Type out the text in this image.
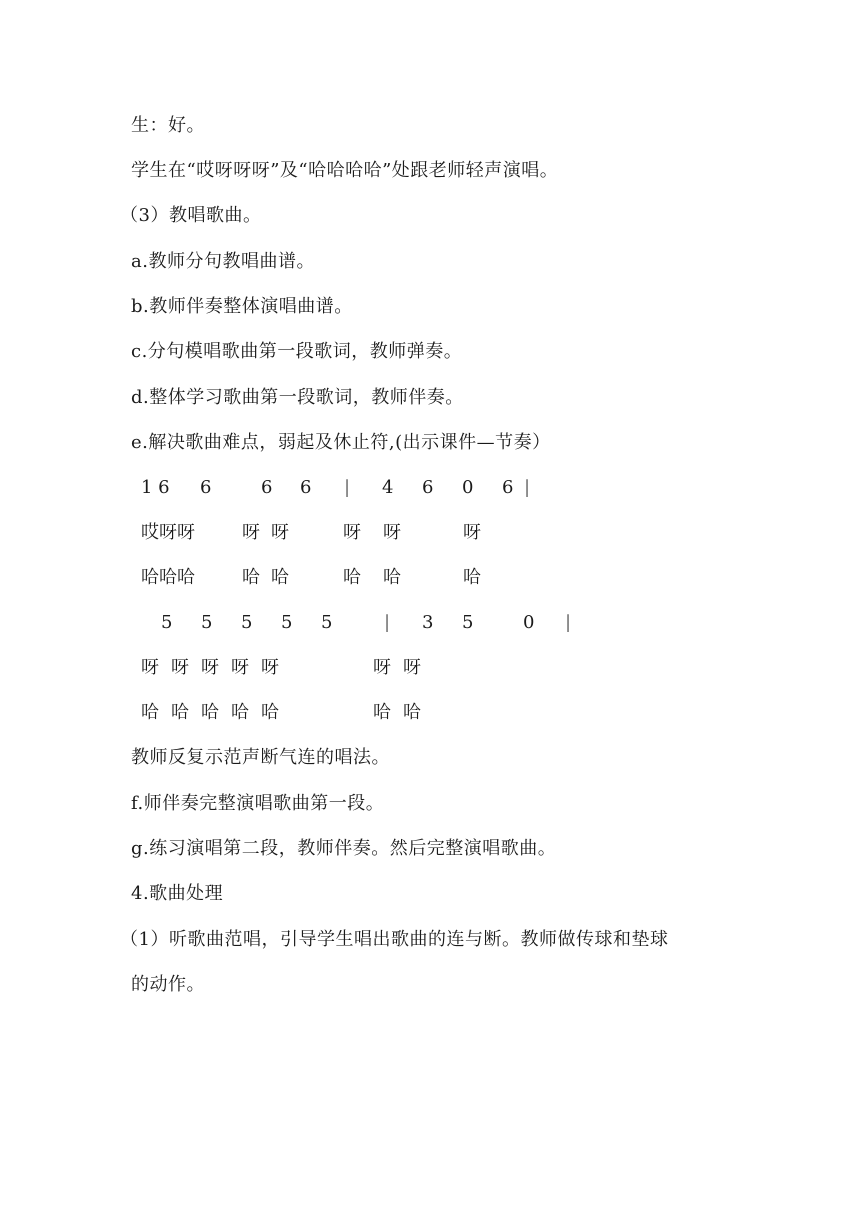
生：好。
学生在“哎呀呀呀”及“哈哈哈哈”处跟老师轻声演唱。
（3）教唱歌曲。
a.教师分句教唱曲谱。
b.教师伴奏整体演唱曲谱。
c.分句模唱歌曲第一段歌词，教师弹奏。
d.整体学习歌曲第一段歌词，教师伴奏。
e.解决歌曲难点，弱起及休止符,(出示课件—节奏）
1 6 6	6 6 | 4 6 0 6 |
哎呀呀	呀 呀	呀 呀	呀
哈哈哈	哈 哈	哈 哈	哈
5 5 5 5 5	| 3 5	0 |
呀 呀 呀 呀 呀	呀 呀
哈 哈 哈 哈 哈	哈 哈
教师反复示范声断气连的唱法。
f.师伴奏完整演唱歌曲第一段。
g.练习演唱第二段，教师伴奏。然后完整演唱歌曲。
4.歌曲处理
（1）听歌曲范唱，引导学生唱出歌曲的连与断。教师做传球和垫球
的动作。
